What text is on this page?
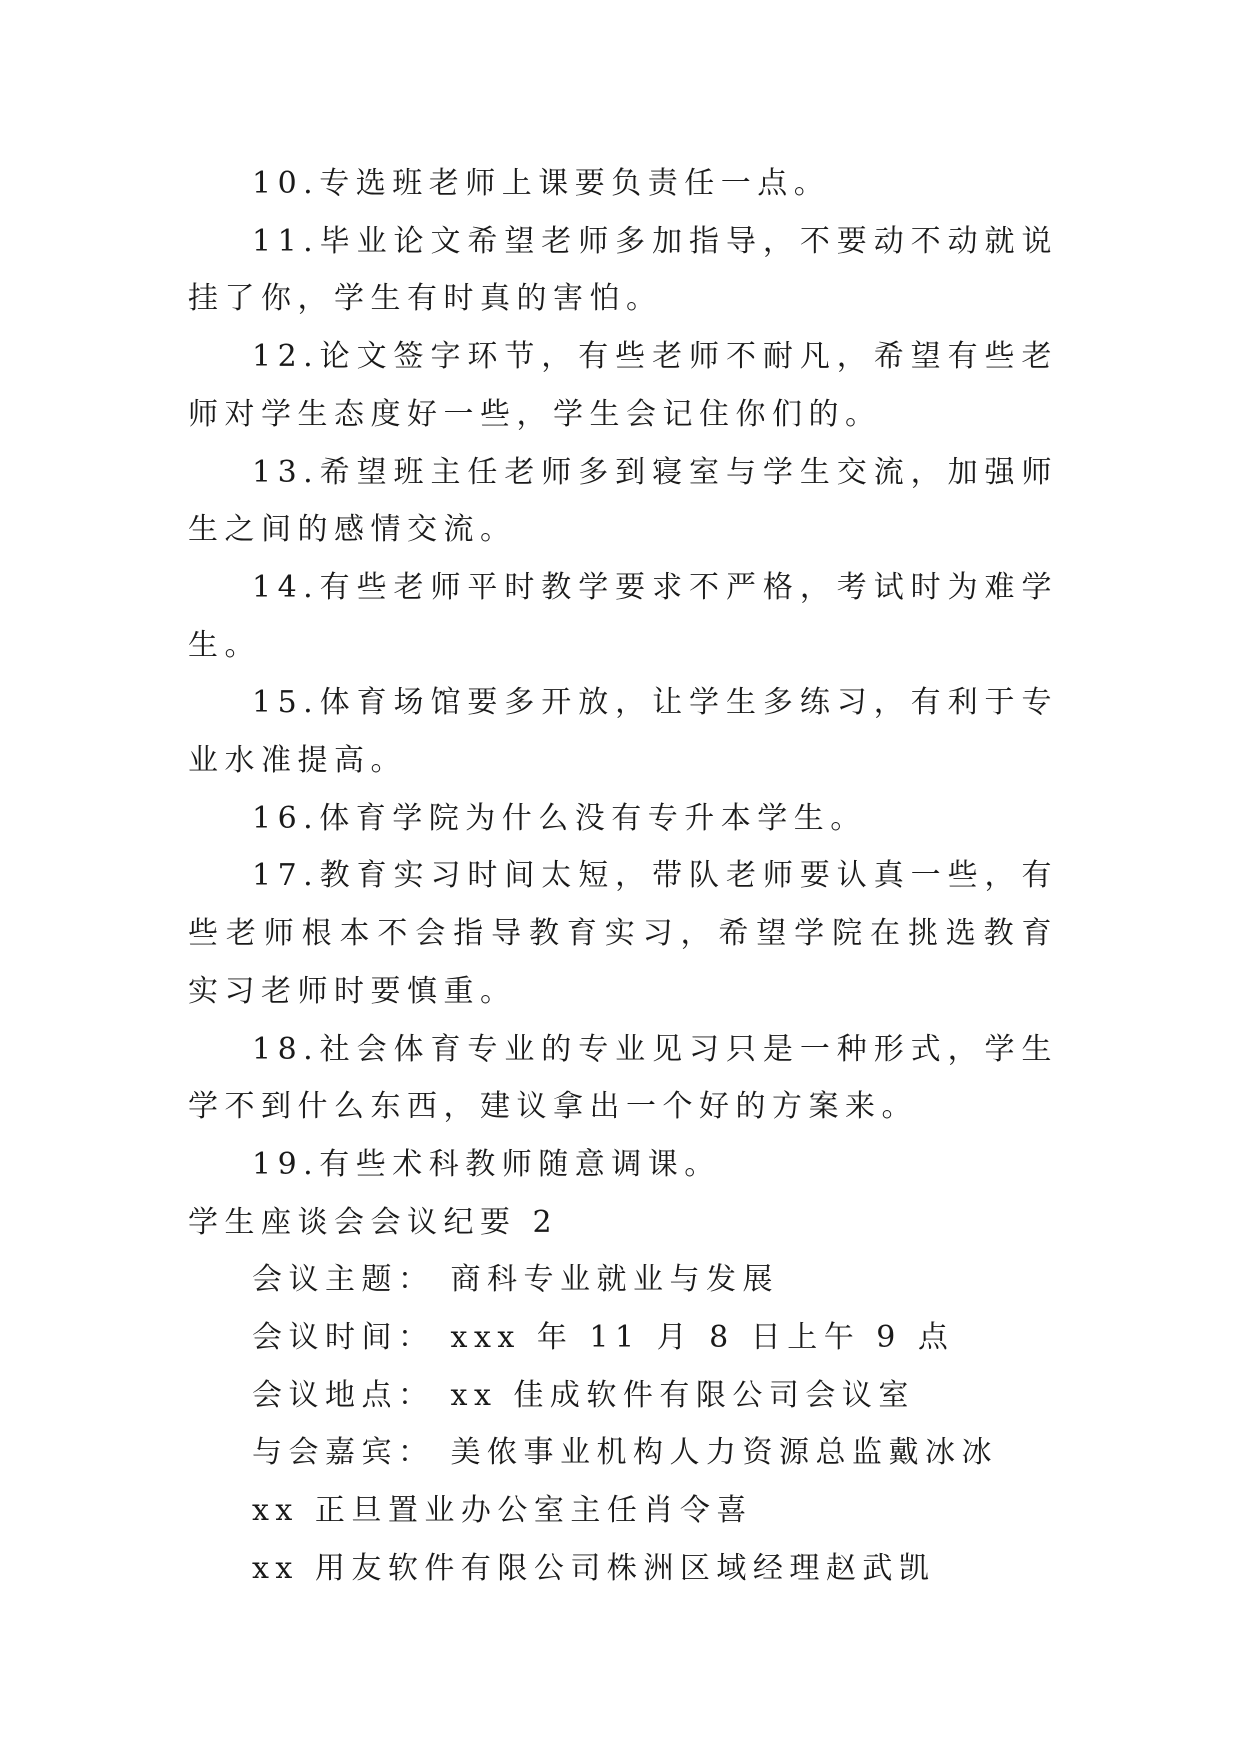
10.专选班老师上课要负责任一点。

11.毕业论文希望老师多加指导，不要动不动就说挂了你，学生有时真的害怕。

12.论文签字环节，有些老师不耐凡，希望有些老师对学生态度好一些，学生会记住你们的。

13.希望班主任老师多到寝室与学生交流，加强师生之间的感情交流。

14.有些老师平时教学要求不严格，考试时为难学生。

15.体育场馆要多开放，让学生多练习，有利于专业水准提高。

16.体育学院为什么没有专升本学生。

17.教育实习时间太短，带队老师要认真一些，有些老师根本不会指导教育实习，希望学院在挑选教育实习老师时要慎重。

18.社会体育专业的专业见习只是一种形式，学生学不到什么东西，建议拿出一个好的方案来。

19.有些术科教师随意调课。

学生座谈会会议纪要 2

会议主题： 商科专业就业与发展

会议时间： xxx 年 11 月 8 日上午 9 点

会议地点： xx 佳成软件有限公司会议室

与会嘉宾： 美侬事业机构人力资源总监戴冰冰

xx 正旦置业办公室主任肖令喜

xx 用友软件有限公司株洲区域经理赵武凯
